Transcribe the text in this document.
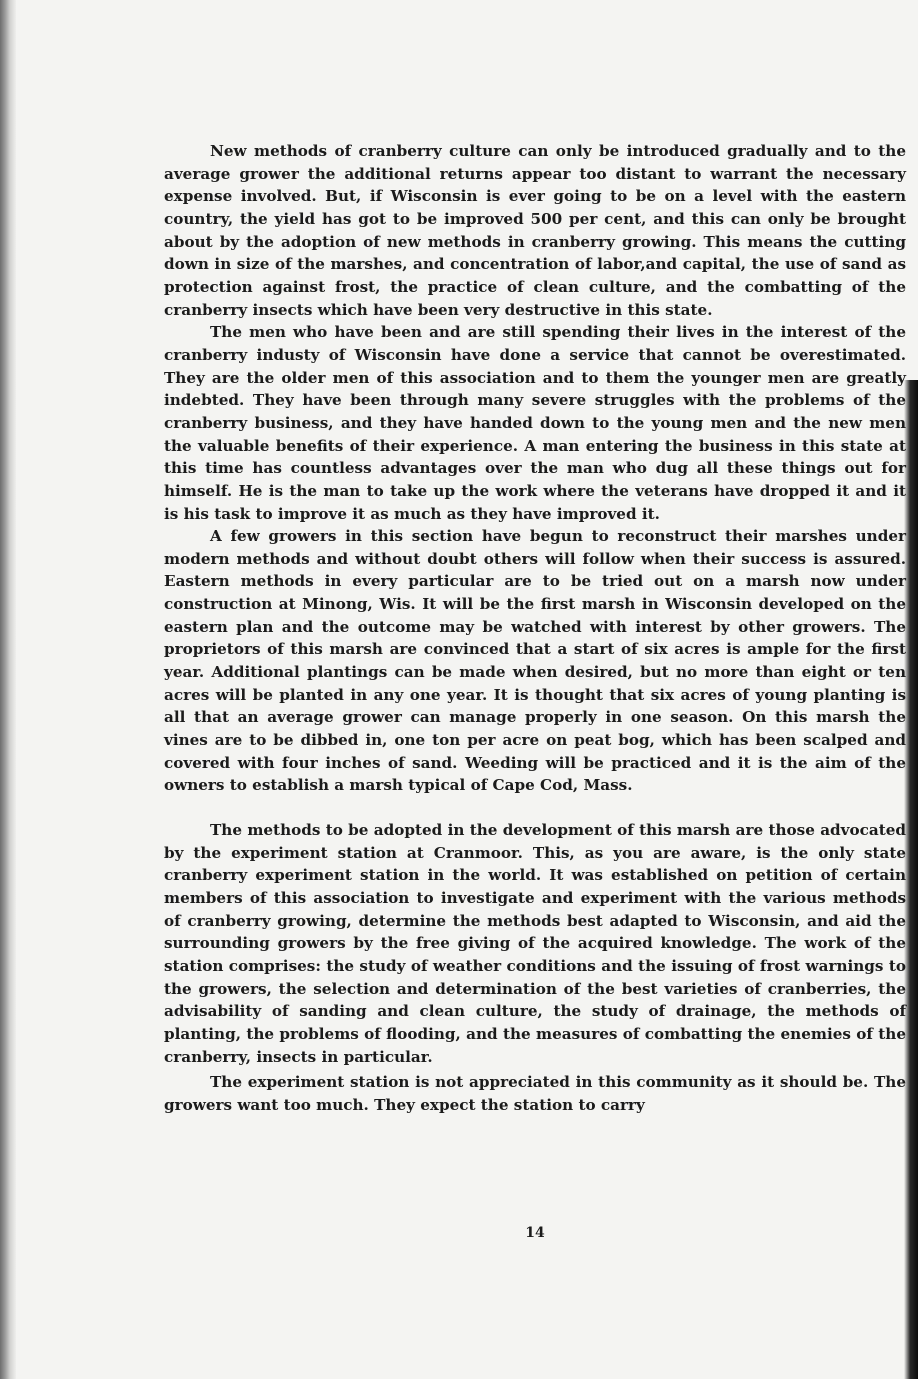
New methods of cranberry culture can only be introduced gradually and to the average grower the additional returns appear too distant to warrant the necessary expense involved. But, if Wisconsin is ever going to be on a level with the eastern country, the yield has got to be improved 500 per cent, and this can only be brought about by the adoption of new methods in cranberry growing. This means the cutting down in size of the marshes, and concentration of labor,and capital, the use of sand as protection against frost, the practice of clean culture, and the combatting of the cranberry insects which have been very destructive in this state.

The men who have been and are still spending their lives in the interest of the cranberry industy of Wisconsin have done a service that cannot be overestimated. They are the older men of this association and to them the younger men are greatly indebted. They have been through many severe struggles with the problems of the cranberry business, and they have handed down to the young men and the new men the valuable benefits of their experience. A man entering the business in this state at this time has countless advantages over the man who dug all these things out for himself. He is the man to take up the work where the veterans have dropped it and it is his task to improve it as much as they have improved it.

A few growers in this section have begun to reconstruct their marshes under modern methods and without doubt others will follow when their success is assured. Eastern methods in every particular are to be tried out on a marsh now under construction at Minong, Wis. It will be the first marsh in Wisconsin developed on the eastern plan and the outcome may be watched with interest by other growers. The proprietors of this marsh are convinced that a start of six acres is ample for the first year. Additional plantings can be made when desired, but no more than eight or ten acres will be planted in any one year. It is thought that six acres of young planting is all that an average grower can manage properly in one season. On this marsh the vines are to be dibbed in, one ton per acre on peat bog, which has been scalped and covered with four inches of sand. Weeding will be practiced and it is the aim of the owners to establish a marsh typical of Cape Cod, Mass.

The methods to be adopted in the development of this marsh are those advocated by the experiment station at Cranmoor. This, as you are aware, is the only state cranberry experiment station in the world. It was established on petition of certain members of this association to investigate and experiment with the various methods of cranberry growing, determine the methods best adapted to Wisconsin, and aid the surrounding growers by the free giving of the acquired knowledge. The work of the station comprises: the study of weather conditions and the issuing of frost warnings to the growers, the selection and determination of the best varieties of cranberries, the advisability of sanding and clean culture, the study of drainage, the methods of planting, the problems of flooding, and the measures of combatting the enemies of the cranberry, insects in particular.

The experiment station is not appreciated in this community as it should be. The growers want too much. They expect the station to carry

14
